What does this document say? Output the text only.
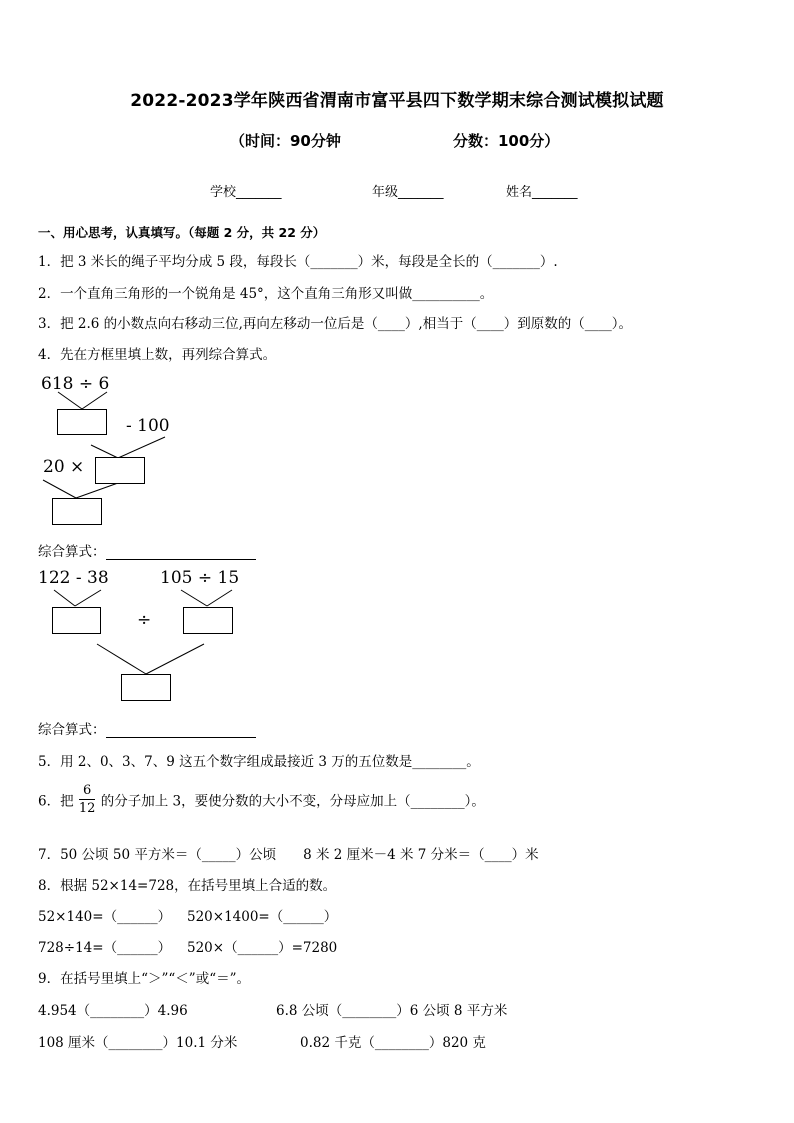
2022-2023学年陕西省渭南市富平县四下数学期末综合测试模拟试题
（时间：90分钟	分数：100分）
学校_______	年级_______	姓名_______
一、用心思考，认真填写。（每题 2 分，共 22 分）
1．把 3 米长的绳子平均分成 5 段，每段长（_______）米，每段是全长的（_______）.
2．一个直角三角形的一个锐角是 45°，这个直角三角形又叫做__________。
3．把 2.6 的小数点向右移动三位,再向左移动一位后是（____）,相当于（____）到原数的（____）。
4．先在方框里填上数，再列综合算式。
618 ÷ 6
- 100
20 ×
综合算式：
122 - 38	105 ÷ 15
÷
综合算式：
5．用 2、0、3、7、9 这五个数字组成最接近 3 万的五位数是________。
6．把 $\frac{6}{12}$ 的分子加上 3，要使分数的大小不变，分母应加上（________）。
7．50 公顷 50 平方米＝（_____）公顷　　8 米 2 厘米－4 米 7 分米＝（____）米
8．根据 52×14=728，在括号里填上合适的数。
52×140=（______） 520×1400=（______）
728÷14=（______） 520×（______）=7280
9．在括号里填上“＞”“＜”或“＝”。
4.954（________）4.96	6.8 公顷（________）6 公顷 8 平方米
108 厘米（________）10.1 分米	0.82 千克（________）820 克
